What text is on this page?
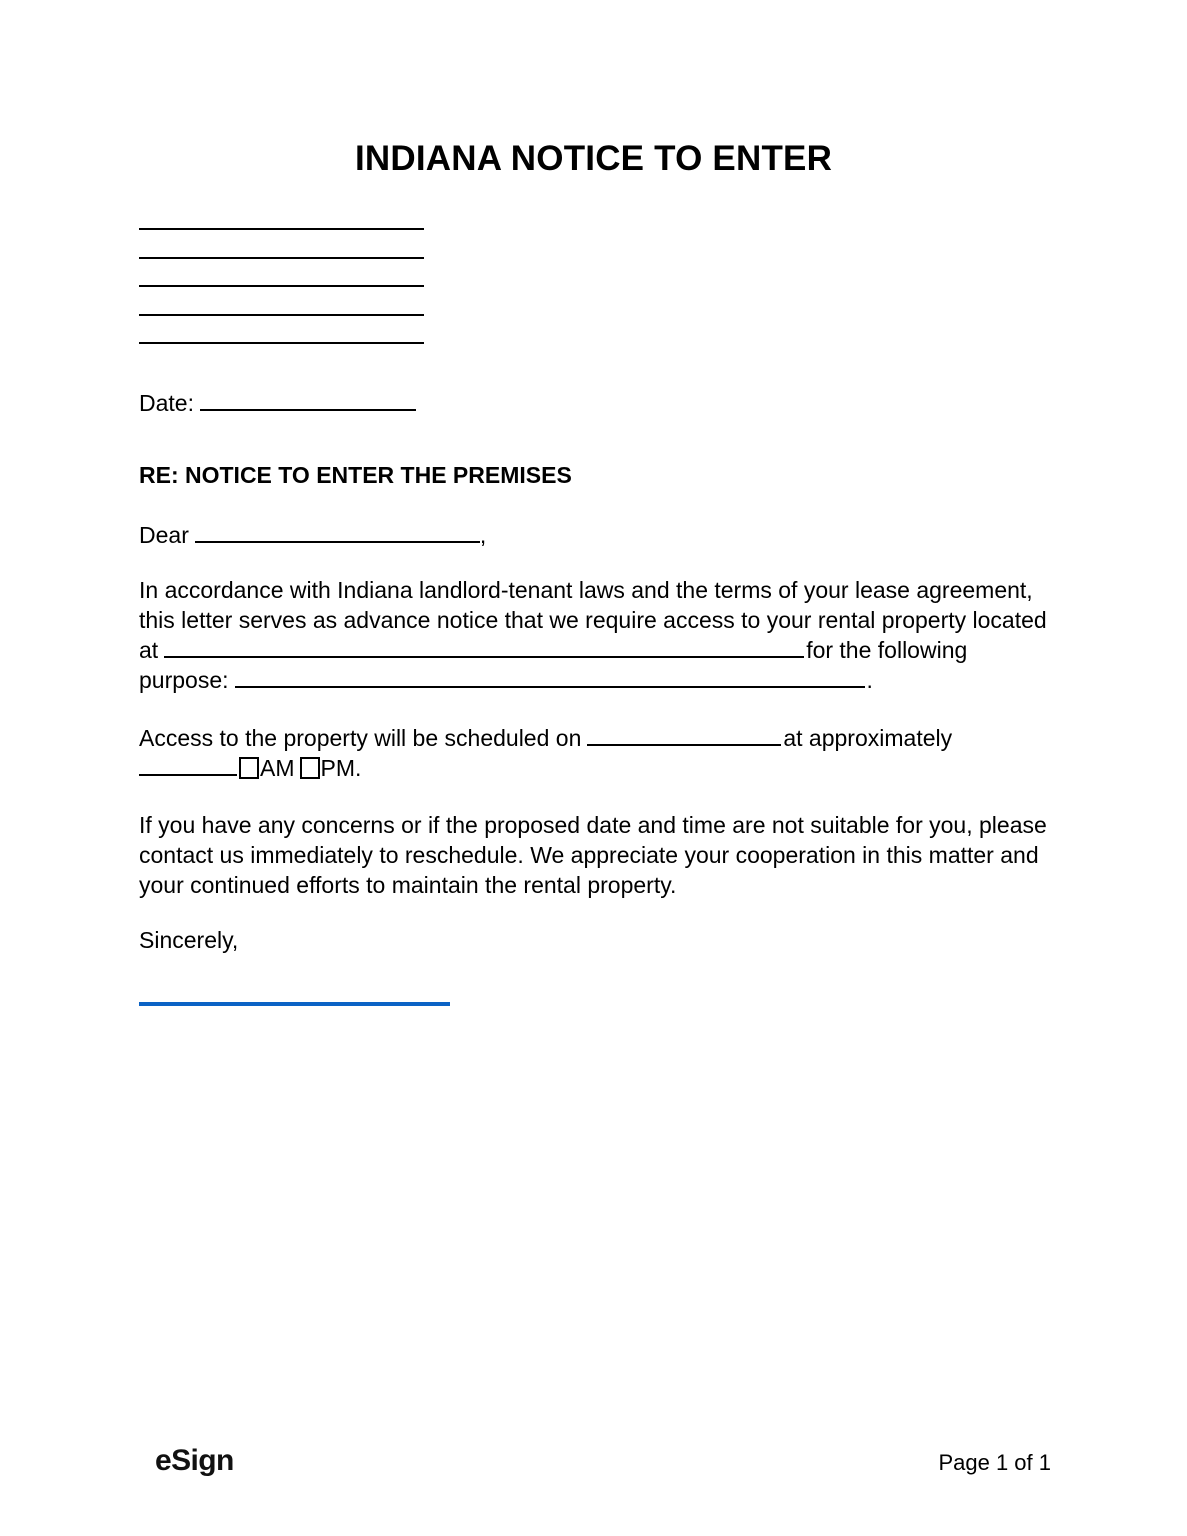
INDIANA NOTICE TO ENTER
Date:
RE: NOTICE TO ENTER THE PREMISES
Dear	,
In accordance with Indiana landlord-tenant laws and the terms of your lease agreement, this letter serves as advance notice that we require access to your rental property located at	for the following purpose:	.
Access to the property will be scheduled on	at approximately
AM PM.
If you have any concerns or if the proposed date and time are not suitable for you, please contact us immediately to reschedule. We appreciate your cooperation in this matter and your continued efforts to maintain the rental property.
Sincerely,
eSign	Page 1 of 1
